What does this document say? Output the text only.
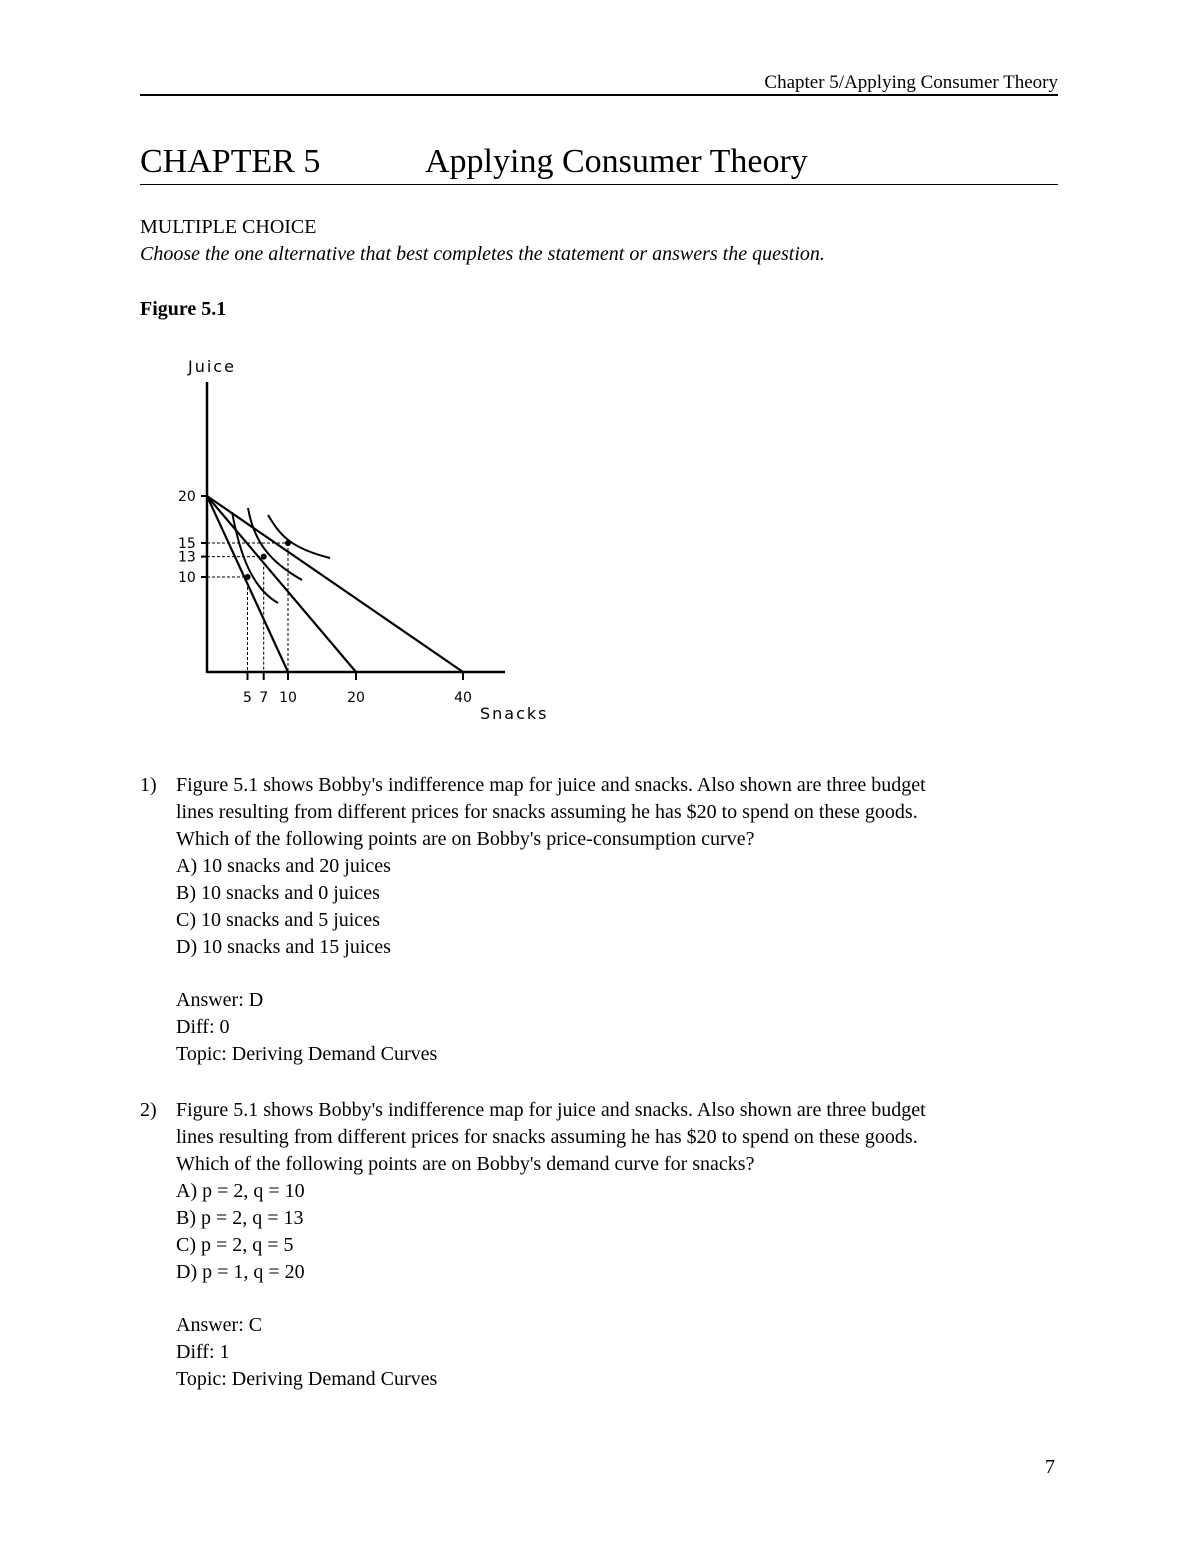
Chapter 5/Applying Consumer Theory
CHAPTER 5	Applying Consumer Theory
MULTIPLE CHOICE
Choose the one alternative that best completes the statement or answers the question.
Figure 5.1
Juice
Snacks
20
15
13
10
5 7 10	20	40
1) Figure 5.1 shows Bobby's indifference map for juice and snacks. Also shown are three budget
lines resulting from different prices for snacks assuming he has $20 to spend on these goods.
Which of the following points are on Bobby's price-consumption curve?
A) 10 snacks and 20 juices
B) 10 snacks and 0 juices
C) 10 snacks and 5 juices
D) 10 snacks and 15 juices
Answer: D
Diff: 0
Topic: Deriving Demand Curves
2) Figure 5.1 shows Bobby's indifference map for juice and snacks. Also shown are three budget
lines resulting from different prices for snacks assuming he has $20 to spend on these goods.
Which of the following points are on Bobby's demand curve for snacks?
A) p = 2, q = 10
B) p = 2, q = 13
C) p = 2, q = 5
D) p = 1, q = 20
Answer: C
Diff: 1
Topic: Deriving Demand Curves
7
